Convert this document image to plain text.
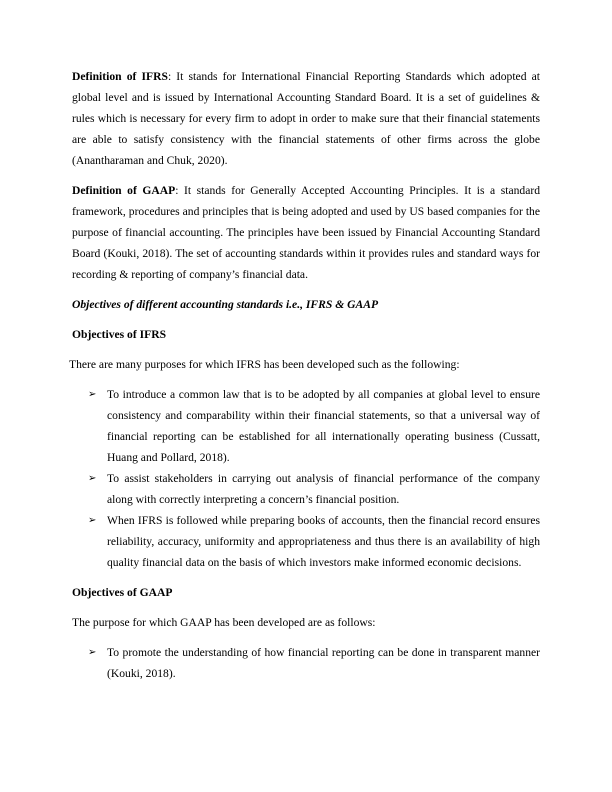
Definition of IFRS: It stands for International Financial Reporting Standards which adopted at global level and is issued by International Accounting Standard Board. It is a set of guidelines & rules which is necessary for every firm to adopt in order to make sure that their financial statements are able to satisfy consistency with the financial statements of other firms across the globe (Anantharaman and Chuk, 2020).

Definition of GAAP: It stands for Generally Accepted Accounting Principles. It is a standard framework, procedures and principles that is being adopted and used by US based companies for the purpose of financial accounting. The principles have been issued by Financial Accounting Standard Board (Kouki, 2018). The set of accounting standards within it provides rules and standard ways for recording & reporting of company’s financial data.

Objectives of different accounting standards i.e., IFRS & GAAP

Objectives of IFRS

There are many purposes for which IFRS has been developed such as the following:

➢ To introduce a common law that is to be adopted by all companies at global level to ensure consistency and comparability within their financial statements, so that a universal way of financial reporting can be established for all internationally operating business (Cussatt, Huang and Pollard, 2018).
➢ To assist stakeholders in carrying out analysis of financial performance of the company along with correctly interpreting a concern’s financial position.
➢ When IFRS is followed while preparing books of accounts, then the financial record ensures reliability, accuracy, uniformity and appropriateness and thus there is an availability of high quality financial data on the basis of which investors make informed economic decisions.

Objectives of GAAP

The purpose for which GAAP has been developed are as follows:

➢ To promote the understanding of how financial reporting can be done in transparent manner (Kouki, 2018).
